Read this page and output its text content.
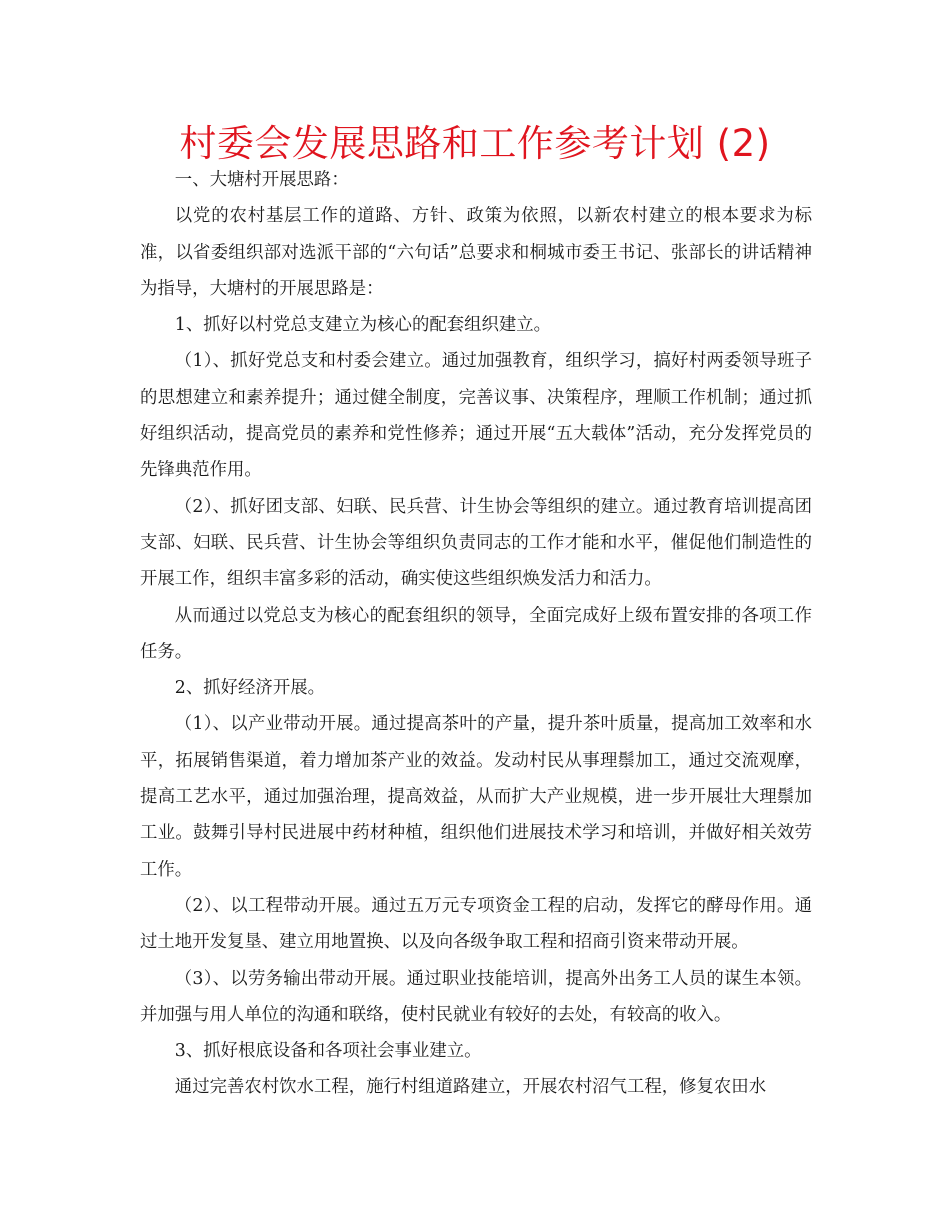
村委会发展思路和工作参考计划 (2)

一、大塘村开展思路：

以党的农村基层工作的道路、方针、政策为依照，以新农村建立的根本要求为标准，以省委组织部对选派干部的“六句话”总要求和桐城市委王书记、张部长的讲话精神为指导，大塘村的开展思路是：

1、抓好以村党总支建立为核心的配套组织建立。

（1）、抓好党总支和村委会建立。通过加强教育，组织学习，搞好村两委领导班子的思想建立和素养提升；通过健全制度，完善议事、决策程序，理顺工作机制；通过抓好组织活动，提高党员的素养和党性修养；通过开展“五大载体”活动，充分发挥党员的先锋典范作用。

（2）、抓好团支部、妇联、民兵营、计生协会等组织的建立。通过教育培训提高团支部、妇联、民兵营、计生协会等组织负责同志的工作才能和水平，催促他们制造性的开展工作，组织丰富多彩的活动，确实使这些组织焕发活力和活力。

从而通过以党总支为核心的配套组织的领导，全面完成好上级布置安排的各项工作任务。

2、抓好经济开展。

（1）、以产业带动开展。通过提高茶叶的产量，提升茶叶质量，提高加工效率和水平，拓展销售渠道，着力增加茶产业的效益。发动村民从事理鬃加工，通过交流观摩，提高工艺水平，通过加强治理，提高效益，从而扩大产业规模，进一步开展壮大理鬃加工业。鼓舞引导村民进展中药材种植，组织他们进展技术学习和培训，并做好相关效劳工作。

（2）、以工程带动开展。通过五万元专项资金工程的启动，发挥它的酵母作用。通过土地开发复垦、建立用地置换、以及向各级争取工程和招商引资来带动开展。

（3）、以劳务输出带动开展。通过职业技能培训，提高外出务工人员的谋生本领。并加强与用人单位的沟通和联络，使村民就业有较好的去处，有较高的收入。

3、抓好根底设备和各项社会事业建立。

通过完善农村饮水工程，施行村组道路建立，开展农村沼气工程，修复农田水
